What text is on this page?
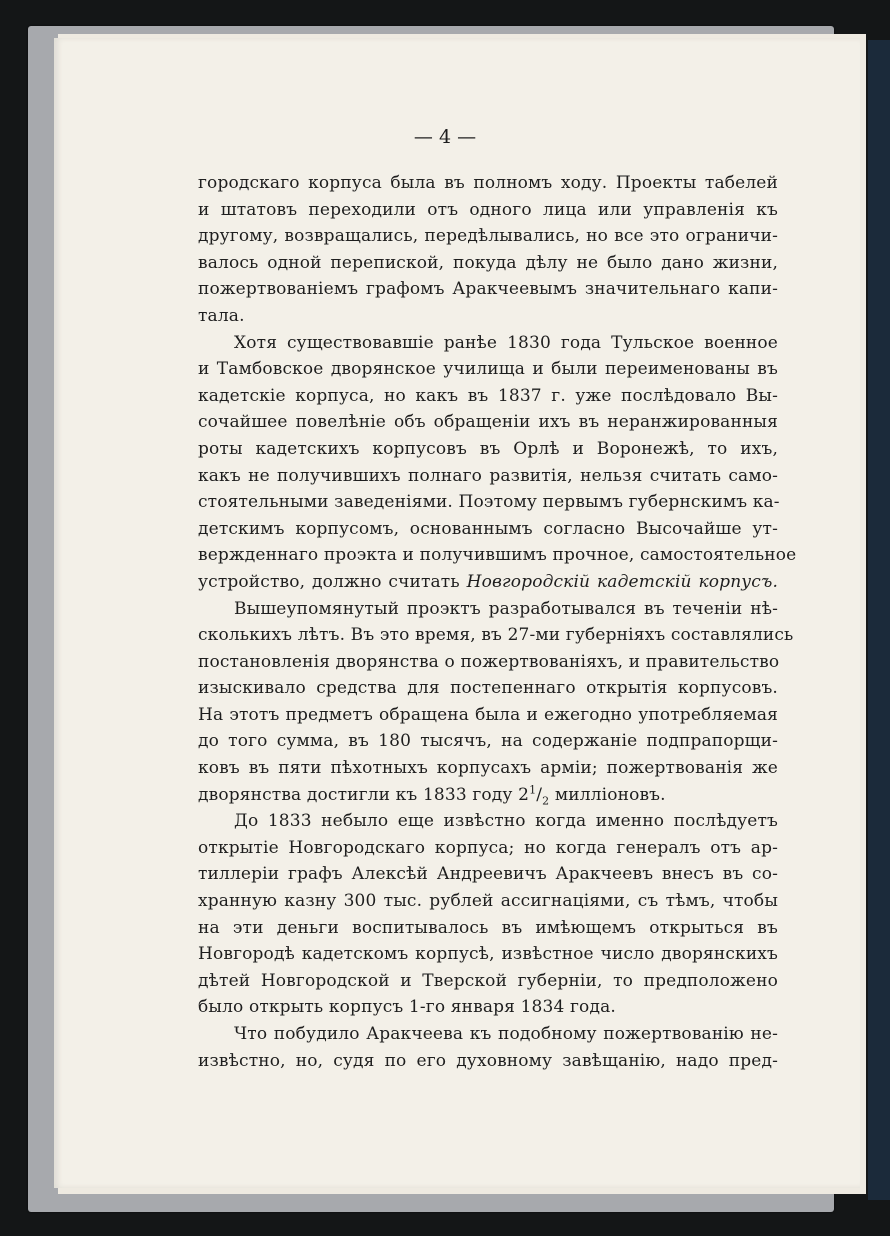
— 4 —
городскаго корпуса была въ полномъ ходу. Проекты табелей
и штатовъ переходили отъ одного лица или управленія къ
другому, возвращались, передѣлывались, но все это ограничи-
валось одной перепиской, покуда дѣлу не было дано жизни,
пожертвованіемъ графомъ Аракчеевымъ значительнаго капи-
тала.
Хотя существовавшіе ранѣе 1830 года Тульское военное
и Тамбовское дворянское училища и были переименованы въ
кадетскіе корпуса, но какъ въ 1837 г. уже послѣдовало Вы-
сочайшее повелѣніе объ обращеніи ихъ въ неранжированныя
роты кадетскихъ корпусовъ въ Орлѣ и Воронежѣ, то ихъ,
какъ не получившихъ полнаго развитія, нельзя считать само-
стоятельными заведеніями. Поэтому первымъ губернскимъ ка-
детскимъ корпусомъ, основаннымъ согласно Высочайше ут-
вержденнаго проэкта и получившимъ прочное, самостоятельное
устройство, должно считать Новгородскій кадетскій корпусъ.
Вышеупомянутый проэктъ разработывался въ теченіи нѣ-
сколькихъ лѣтъ. Въ это время, въ 27-ми губерніяхъ составлялись
постановленія дворянства о пожертвованіяхъ, и правительство
изыскивало средства для постепеннаго открытія корпусовъ.
На этотъ предметъ обращена была и ежегодно употребляемая
до того сумма, въ 180 тысячъ, на содержаніе подпрапорщи-
ковъ въ пяти пѣхотныхъ корпусахъ арміи; пожертвованія же
дворянства достигли къ 1833 году $2^1/_2$ милліоновъ.
До 1833 небыло еще извѣстно когда именно послѣдуетъ
открытіе Новгородскаго корпуса; но когда генералъ отъ ар-
тиллеріи графъ Алексѣй Андреевичъ Аракчеевъ внесъ въ со-
хранную казну 300 тыс. рублей ассигнаціями, съ тѣмъ, чтобы
на эти деньги воспитывалось въ имѣющемъ открыться въ
Новгородѣ кадетскомъ корпусѣ, извѣстное число дворянскихъ
дѣтей Новгородской и Тверской губерніи, то предположено
было открыть корпусъ 1-го января 1834 года.
Что побудило Аракчеева къ подобному пожертвованію не-
извѣстно, но, судя по его духовному завѣщанію, надо пред-
